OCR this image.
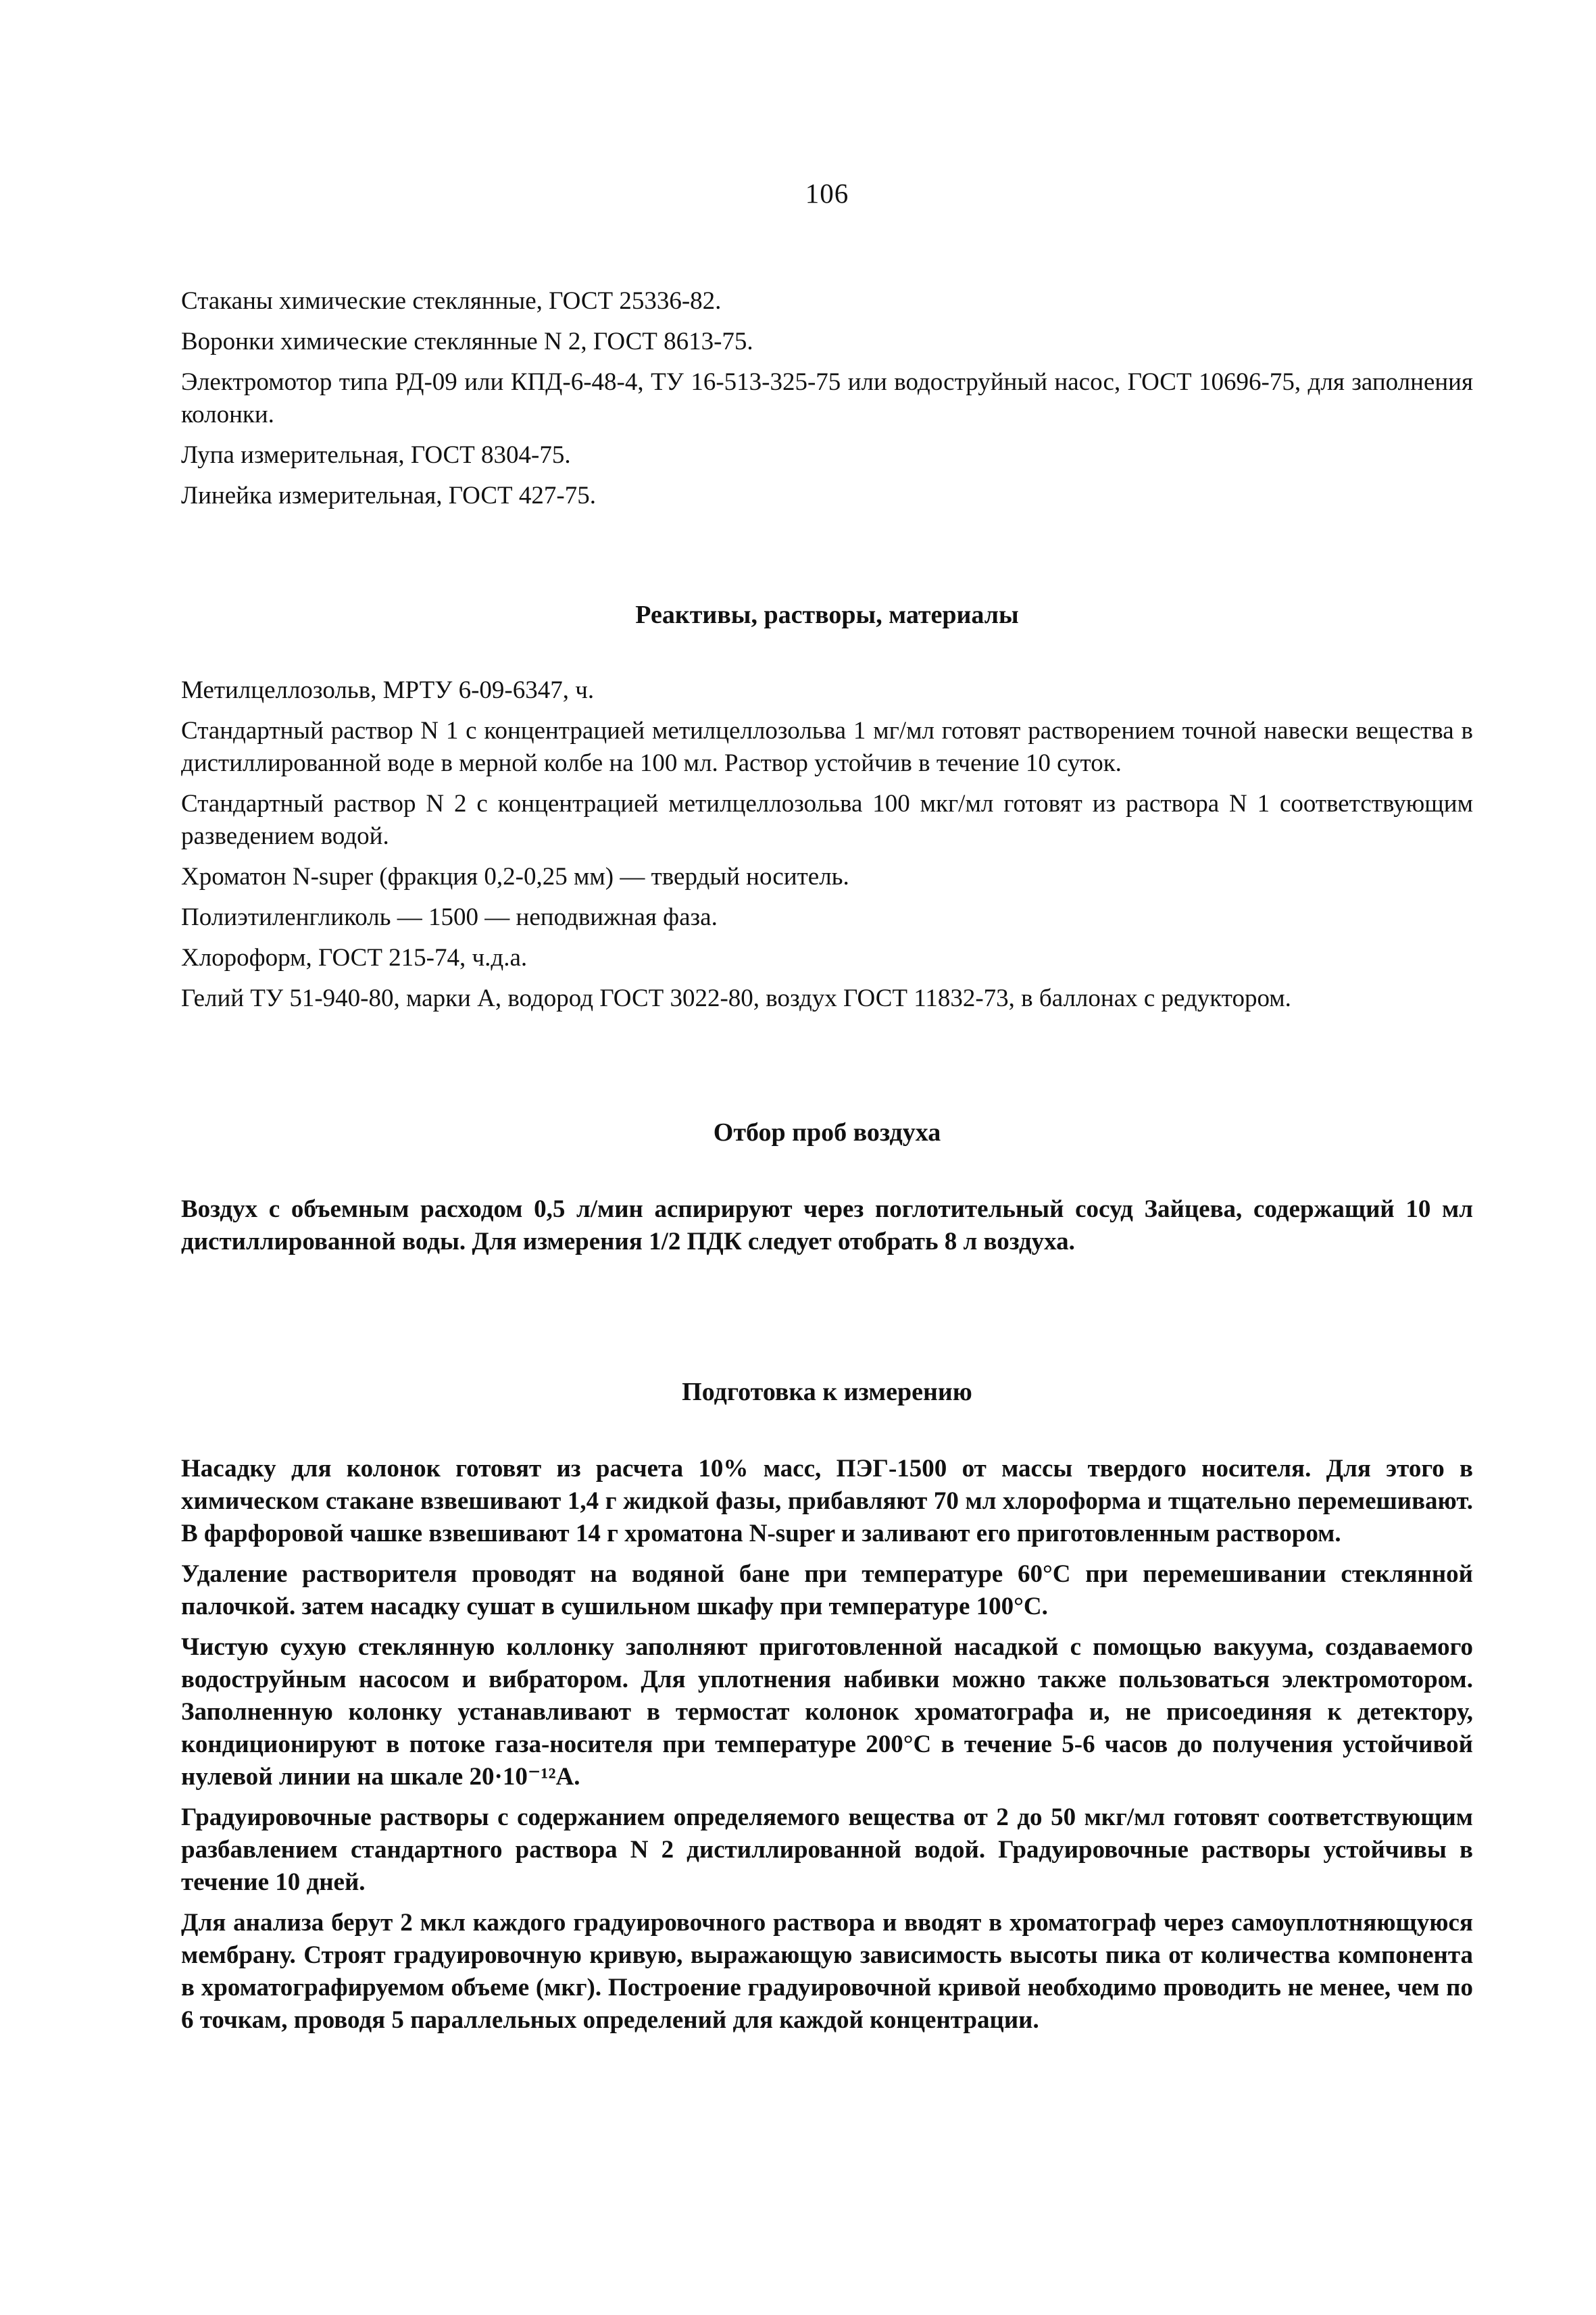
106

Стаканы химические стеклянные, ГОСТ 25336-82.

Воронки химические стеклянные N 2, ГОСТ 8613-75.

Электромотор типа РД-09 или КПД-6-48-4, ТУ 16-513-325-75 или водоструйный насос, ГОСТ 10696-75, для заполнения колонки.

Лупа измерительная, ГОСТ 8304-75.

Линейка измерительная, ГОСТ 427-75.

Реактивы, растворы, материалы

Метилцеллозольв, МРТУ 6-09-6347, ч.

Стандартный раствор N 1 с концентрацией метилцеллозольва 1 мг/мл готовят растворением точной навески вещества в дистиллированной воде в мерной колбе на 100 мл. Раствор устойчив в течение 10 суток.

Стандартный раствор N 2 с концентрацией метилцеллозольва 100 мкг/мл готовят из раствора N 1 соответствующим разведением водой.

Хроматон N-super (фракция 0,2-0,25 мм) — твердый носитель.

Полиэтиленгликоль — 1500 — неподвижная фаза.

Хлороформ, ГОСТ 215-74, ч.д.а.

Гелий ТУ 51-940-80, марки А, водород ГОСТ 3022-80, воздух ГОСТ 11832-73, в баллонах с редуктором.

Отбор проб воздуха

Воздух с объемным расходом 0,5 л/мин аспирируют через поглотительный сосуд Зайцева, содержащий 10 мл дистиллированной воды. Для измерения 1/2 ПДК следует отобрать 8 л воздуха.

Подготовка к измерению

Насадку для колонок готовят из расчета 10% масс, ПЭГ-1500 от массы твердого носителя. Для этого в химическом стакане взвешивают 1,4 г жидкой фазы, прибавляют 70 мл хлороформа и тщательно перемешивают. В фарфоровой чашке взвешивают 14 г хроматона N-super и заливают его приготовленным раствором.

Удаление растворителя проводят на водяной бане при температуре 60°С при перемешивании стеклянной палочкой. затем насадку сушат в сушильном шкафу при температуре 100°С.

Чистую сухую стеклянную коллонку заполняют приготовленной насадкой с помощью вакуума, создаваемого водоструйным насосом и вибратором. Для уплотнения набивки можно также пользоваться электромотором. Заполненную колонку устанавливают в термостат колонок хроматографа и, не присоединяя к детектору, кондиционируют в потоке газа-носителя при температуре 200°С в течение 5-6 часов до получения устойчивой нулевой линии на шкале 20·10⁻¹²А.

Градуировочные растворы с содержанием определяемого вещества от 2 до 50 мкг/мл готовят соответствующим разбавлением стандартного раствора N 2 дистиллированной водой. Градуировочные растворы устойчивы в течение 10 дней.

Для анализа берут 2 мкл каждого градуировочного раствора и вводят в хроматограф через самоуплотняющуюся мембрану. Строят градуировочную кривую, выражающую зависимость высоты пика от количества компонента в хроматографируемом объеме (мкг). Построение градуировочной кривой необходимо проводить не менее, чем по 6 точкам, проводя 5 параллельных определений для каждой концентрации.
